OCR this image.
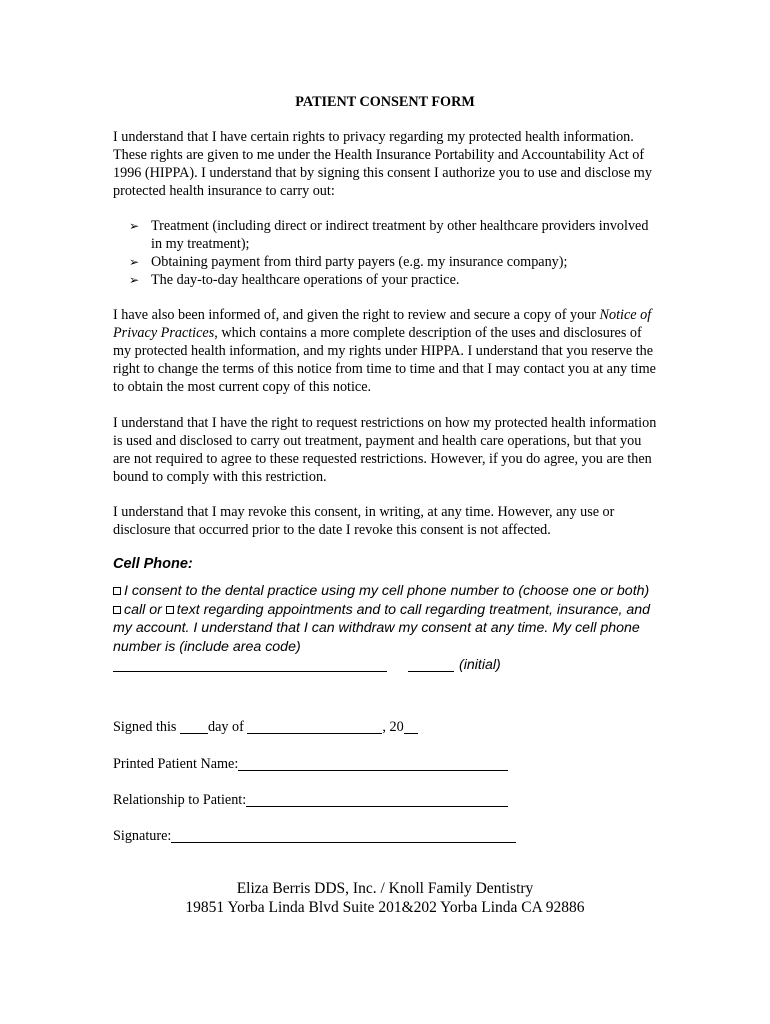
PATIENT CONSENT FORM

I understand that I have certain rights to privacy regarding my protected health information. These rights are given to me under the Health Insurance Portability and Accountability Act of 1996 (HIPPA). I understand that by signing this consent I authorize you to use and disclose my protected health insurance to carry out:

➢ Treatment (including direct or indirect treatment by other healthcare providers involved in my treatment);
➢ Obtaining payment from third party payers (e.g. my insurance company);
➢ The day-to-day healthcare operations of your practice.

I have also been informed of, and given the right to review and secure a copy of your Notice of Privacy Practices, which contains a more complete description of the uses and disclosures of my protected health information, and my rights under HIPPA. I understand that you reserve the right to change the terms of this notice from time to time and that I may contact you at any time to obtain the most current copy of this notice.

I understand that I have the right to request restrictions on how my protected health information is used and disclosed to carry out treatment, payment and health care operations, but that you are not required to agree to these requested restrictions. However, if you do agree, you are then bound to comply with this restriction.

I understand that I may revoke this consent, in writing, at any time. However, any use or disclosure that occurred prior to the date I revoke this consent is not affected.

Cell Phone:

I consent to the dental practice using my cell phone number to (choose one or both) call or text regarding appointments and to call regarding treatment, insurance, and my account. I understand that I can withdraw my consent at any time. My cell phone number is (include area code)

(initial)
Signed this day of	, 20
Printed Patient Name:
Relationship to Patient:
Signature:
Eliza Berris DDS, Inc. / Knoll Family Dentistry
19851 Yorba Linda Blvd Suite 201&202 Yorba Linda CA 92886
